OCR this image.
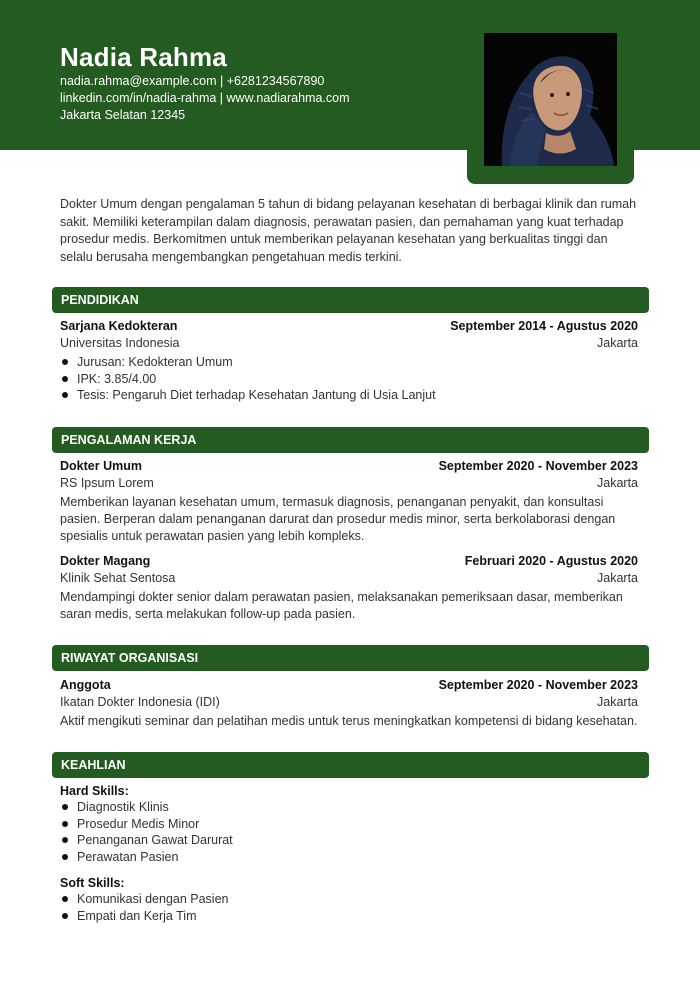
Nadia Rahma
nadia.rahma@example.com | +6281234567890
linkedin.com/in/nadia-rahma | www.nadiarahma.com
Jakarta Selatan 12345
Dokter Umum dengan pengalaman 5 tahun di bidang pelayanan kesehatan di berbagai klinik dan rumah sakit. Memiliki keterampilan dalam diagnosis, perawatan pasien, dan pemahaman yang kuat terhadap prosedur medis. Berkomitmen untuk memberikan pelayanan kesehatan yang berkualitas tinggi dan selalu berusaha mengembangkan pengetahuan medis terkini.
PENDIDIKAN
Sarjana Kedokteran	September 2014 - Agustus 2020
Universitas Indonesia	Jakarta
Jurusan: Kedokteran Umum
IPK: 3.85/4.00
Tesis: Pengaruh Diet terhadap Kesehatan Jantung di Usia Lanjut
PENGALAMAN KERJA
Dokter Umum	September 2020 - November 2023
RS Ipsum Lorem	Jakarta
Memberikan layanan kesehatan umum, termasuk diagnosis, penanganan penyakit, dan konsultasi pasien. Berperan dalam penanganan darurat dan prosedur medis minor, serta berkolaborasi dengan spesialis untuk perawatan pasien yang lebih kompleks.
Dokter Magang	Februari 2020 - Agustus 2020
Klinik Sehat Sentosa	Jakarta
Mendampingi dokter senior dalam perawatan pasien, melaksanakan pemeriksaan dasar, memberikan saran medis, serta melakukan follow-up pada pasien.
RIWAYAT ORGANISASI
Anggota	September 2020 - November 2023
Ikatan Dokter Indonesia (IDI)	Jakarta
Aktif mengikuti seminar dan pelatihan medis untuk terus meningkatkan kompetensi di bidang kesehatan.
KEAHLIAN
Hard Skills:
Diagnostik Klinis
Prosedur Medis Minor
Penanganan Gawat Darurat
Perawatan Pasien
Soft Skills:
Komunikasi dengan Pasien
Empati dan Kerja Tim
